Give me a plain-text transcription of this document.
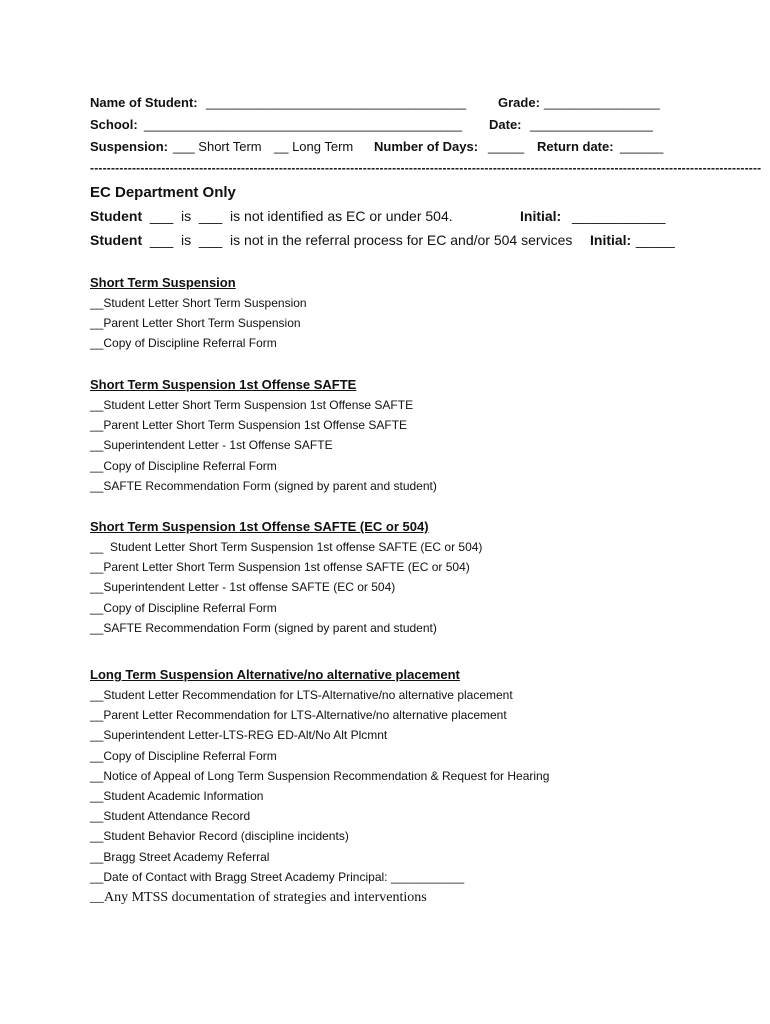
Name of Student: ____________________________________ Grade: ________________
School: ____________________________________________ Date: _________________
Suspension: ___ Short Term __ Long Term Number of Days: _____ Return date: ______
----------------------------------------------------------------------------------------------------------------------------------------------------------------
EC Department Only
Student ___  is  ___  is not identified as EC or under 504.	Initial: ____________
Student ___  is  ___  is not in the referral process for EC and/or 504 services Initial: _____
Short Term Suspension
__Student Letter Short Term Suspension
__Parent Letter Short Term Suspension
__Copy of Discipline Referral Form
Short Term Suspension 1st Offense SAFTE
__Student Letter Short Term Suspension 1st Offense SAFTE
__Parent Letter Short Term Suspension 1st Offense SAFTE
__Superintendent Letter - 1st Offense SAFTE
__Copy of Discipline Referral Form
__SAFTE Recommendation Form (signed by parent and student)
Short Term Suspension 1st Offense SAFTE (EC or 504)
__  Student Letter Short Term Suspension 1st offense SAFTE (EC or 504)
__Parent Letter Short Term Suspension 1st offense SAFTE (EC or 504)
__Superintendent Letter - 1st offense SAFTE (EC or 504)
__Copy of Discipline Referral Form
__SAFTE Recommendation Form (signed by parent and student)
Long Term Suspension Alternative/no alternative placement
__Student Letter Recommendation for LTS-Alternative/no alternative placement
__Parent Letter Recommendation for LTS-Alternative/no alternative placement
__Superintendent Letter-LTS-REG ED-Alt/No Alt Plcmnt
__Copy of Discipline Referral Form
__Notice of Appeal of Long Term Suspension Recommendation & Request for Hearing
__Student Academic Information
__Student Attendance Record
__Student Behavior Record (discipline incidents)
__Bragg Street Academy Referral
__Date of Contact with Bragg Street Academy Principal: ___________
__Any MTSS documentation of strategies and interventions
